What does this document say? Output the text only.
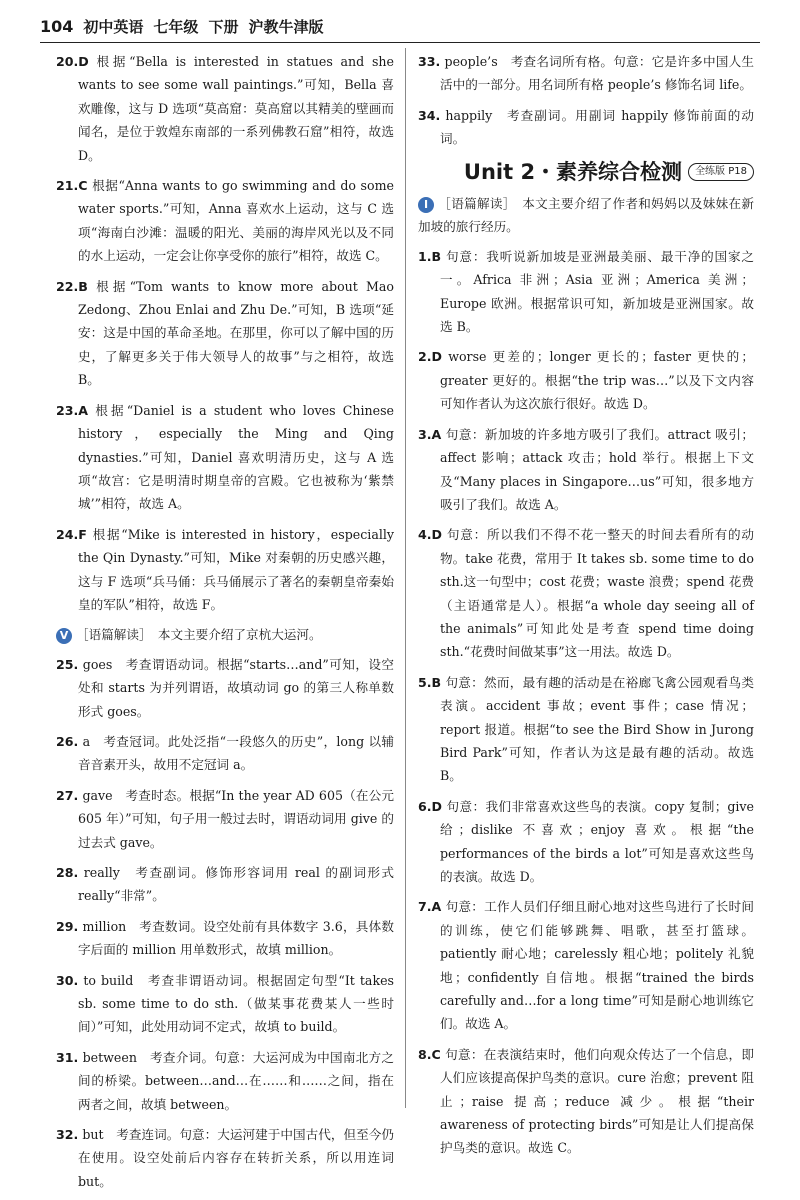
104 初中英语 七年级 下册 沪教牛津版

20.D 根据“Bella is interested in statues and she wants to see some wall paintings.”可知，Bella 喜欢雕像，这与 D 选项“莫高窟：莫高窟以其精美的壁画而闻名，是位于敦煌东南部的一系列佛教石窟”相符，故选 D。

21.C 根据“Anna wants to go swimming and do some water sports.”可知，Anna 喜欢水上运动，这与 C 选项“海南白沙滩：温暖的阳光、美丽的海岸风光以及不同的水上运动，一定会让你享受你的旅行”相符，故选 C。

22.B 根据“Tom wants to know more about Mao Zedong、Zhou Enlai and Zhu De.”可知，B 选项“延安：这是中国的革命圣地。在那里，你可以了解中国的历史，了解更多关于伟大领导人的故事”与之相符，故选 B。

23.A 根据“Daniel is a student who loves Chinese history，especially the Ming and Qing dynasties.”可知，Daniel 喜欢明清历史，这与 A 选项“故宫：它是明清时期皇帝的宫殿。它也被称为‘紫禁城’”相符，故选 A。

24.F 根据“Mike is interested in history，especially the Qin Dynasty.”可知，Mike 对秦朝的历史感兴趣，这与 F 选项“兵马俑：兵马俑展示了著名的秦朝皇帝秦始皇的军队”相符，故选 F。

V ［语篇解读］　 本文主要介绍了京杭大运河。

25. goes　考查谓语动词。根据“starts…and”可知，设空处和 starts 为并列谓语，故填动词 go 的第三人称单数形式 goes。

26. a　考查冠词。此处泛指“一段悠久的历史”，long 以辅音音素开头，故用不定冠词 a。

27. gave　考查时态。根据“In the year AD 605（在公元 605 年）”可知，句子用一般过去时，谓语动词用 give 的过去式 gave。

28. really　考查副词。修饰形容词用 real 的副词形式 really“非常”。

29. million　考查数词。设空处前有具体数字 3.6，具体数字后面的 million 用单数形式，故填 million。

30. to build　考查非谓语动词。根据固定句型“It takes sb. some time to do sth.（做某事花费某人一些时间）”可知，此处用动词不定式，故填 to build。

31. between　考查介词。句意：大运河成为中国南北方之间的桥梁。between…and…在……和……之间，指在两者之间，故填 between。

32. but　考查连词。句意：大运河建于中国古代，但至今仍在使用。设空处前后内容存在转折关系，所以用连词 but。

33. people’s　考查名词所有格。句意：它是许多中国人生活中的一部分。用名词所有格 people’s 修饰名词 life。

34. happily　考查副词。用副词 happily 修饰前面的动词。

Unit 2・素养综合检测	全练版 P18
I ［语篇解读］　 本文主要介绍了作者和妈妈以及妹妹在新加坡的旅行经历。

1.B 句意：我听说新加坡是亚洲最美丽、最干净的国家之一。Africa 非洲；Asia 亚洲；America 美洲；Europe 欧洲。根据常识可知，新加坡是亚洲国家。故选 B。

2.D worse 更差的；longer 更长的；faster 更快的；greater 更好的。根据“the trip was…”以及下文内容可知作者认为这次旅行很好。故选 D。

3.A 句意：新加坡的许多地方吸引了我们。attract 吸引；affect 影响；attack 攻击；hold 举行。根据上下文及“Many places in Singapore…us”可知，很多地方吸引了我们。故选 A。

4.D 句意：所以我们不得不花一整天的时间去看所有的动物。take 花费，常用于 It takes sb. some time to do sth.这一句型中；cost 花费；waste 浪费；spend 花费（主语通常是人）。根据“a whole day seeing all of the animals”可知此处是考查 spend time doing sth.“花费时间做某事”这一用法。故选 D。

5.B 句意：然而，最有趣的活动是在裕廊飞禽公园观看鸟类表演。accident 事故；event 事件；case 情况；report 报道。根据“to see the Bird Show in Jurong Bird Park”可知，作者认为这是最有趣的活动。故选 B。

6.D 句意：我们非常喜欢这些鸟的表演。copy 复制；give 给；dislike 不喜欢；enjoy 喜欢。根据“the performances of the birds a lot”可知是喜欢这些鸟的表演。故选 D。

7.A 句意：工作人员们仔细且耐心地对这些鸟进行了长时间的训练，使它们能够跳舞、唱歌，甚至打篮球。patiently 耐心地；carelessly 粗心地；politely 礼貌地；confidently 自信地。根据“trained the birds carefully and…for a long time”可知是耐心地训练它们。故选 A。

8.C 句意：在表演结束时，他们向观众传达了一个信息，即人们应该提高保护鸟类的意识。cure 治愈；prevent 阻止；raise 提高；reduce 减少。根据“their awareness of protecting birds”可知是让人们提高保护鸟类的意识。故选 C。
